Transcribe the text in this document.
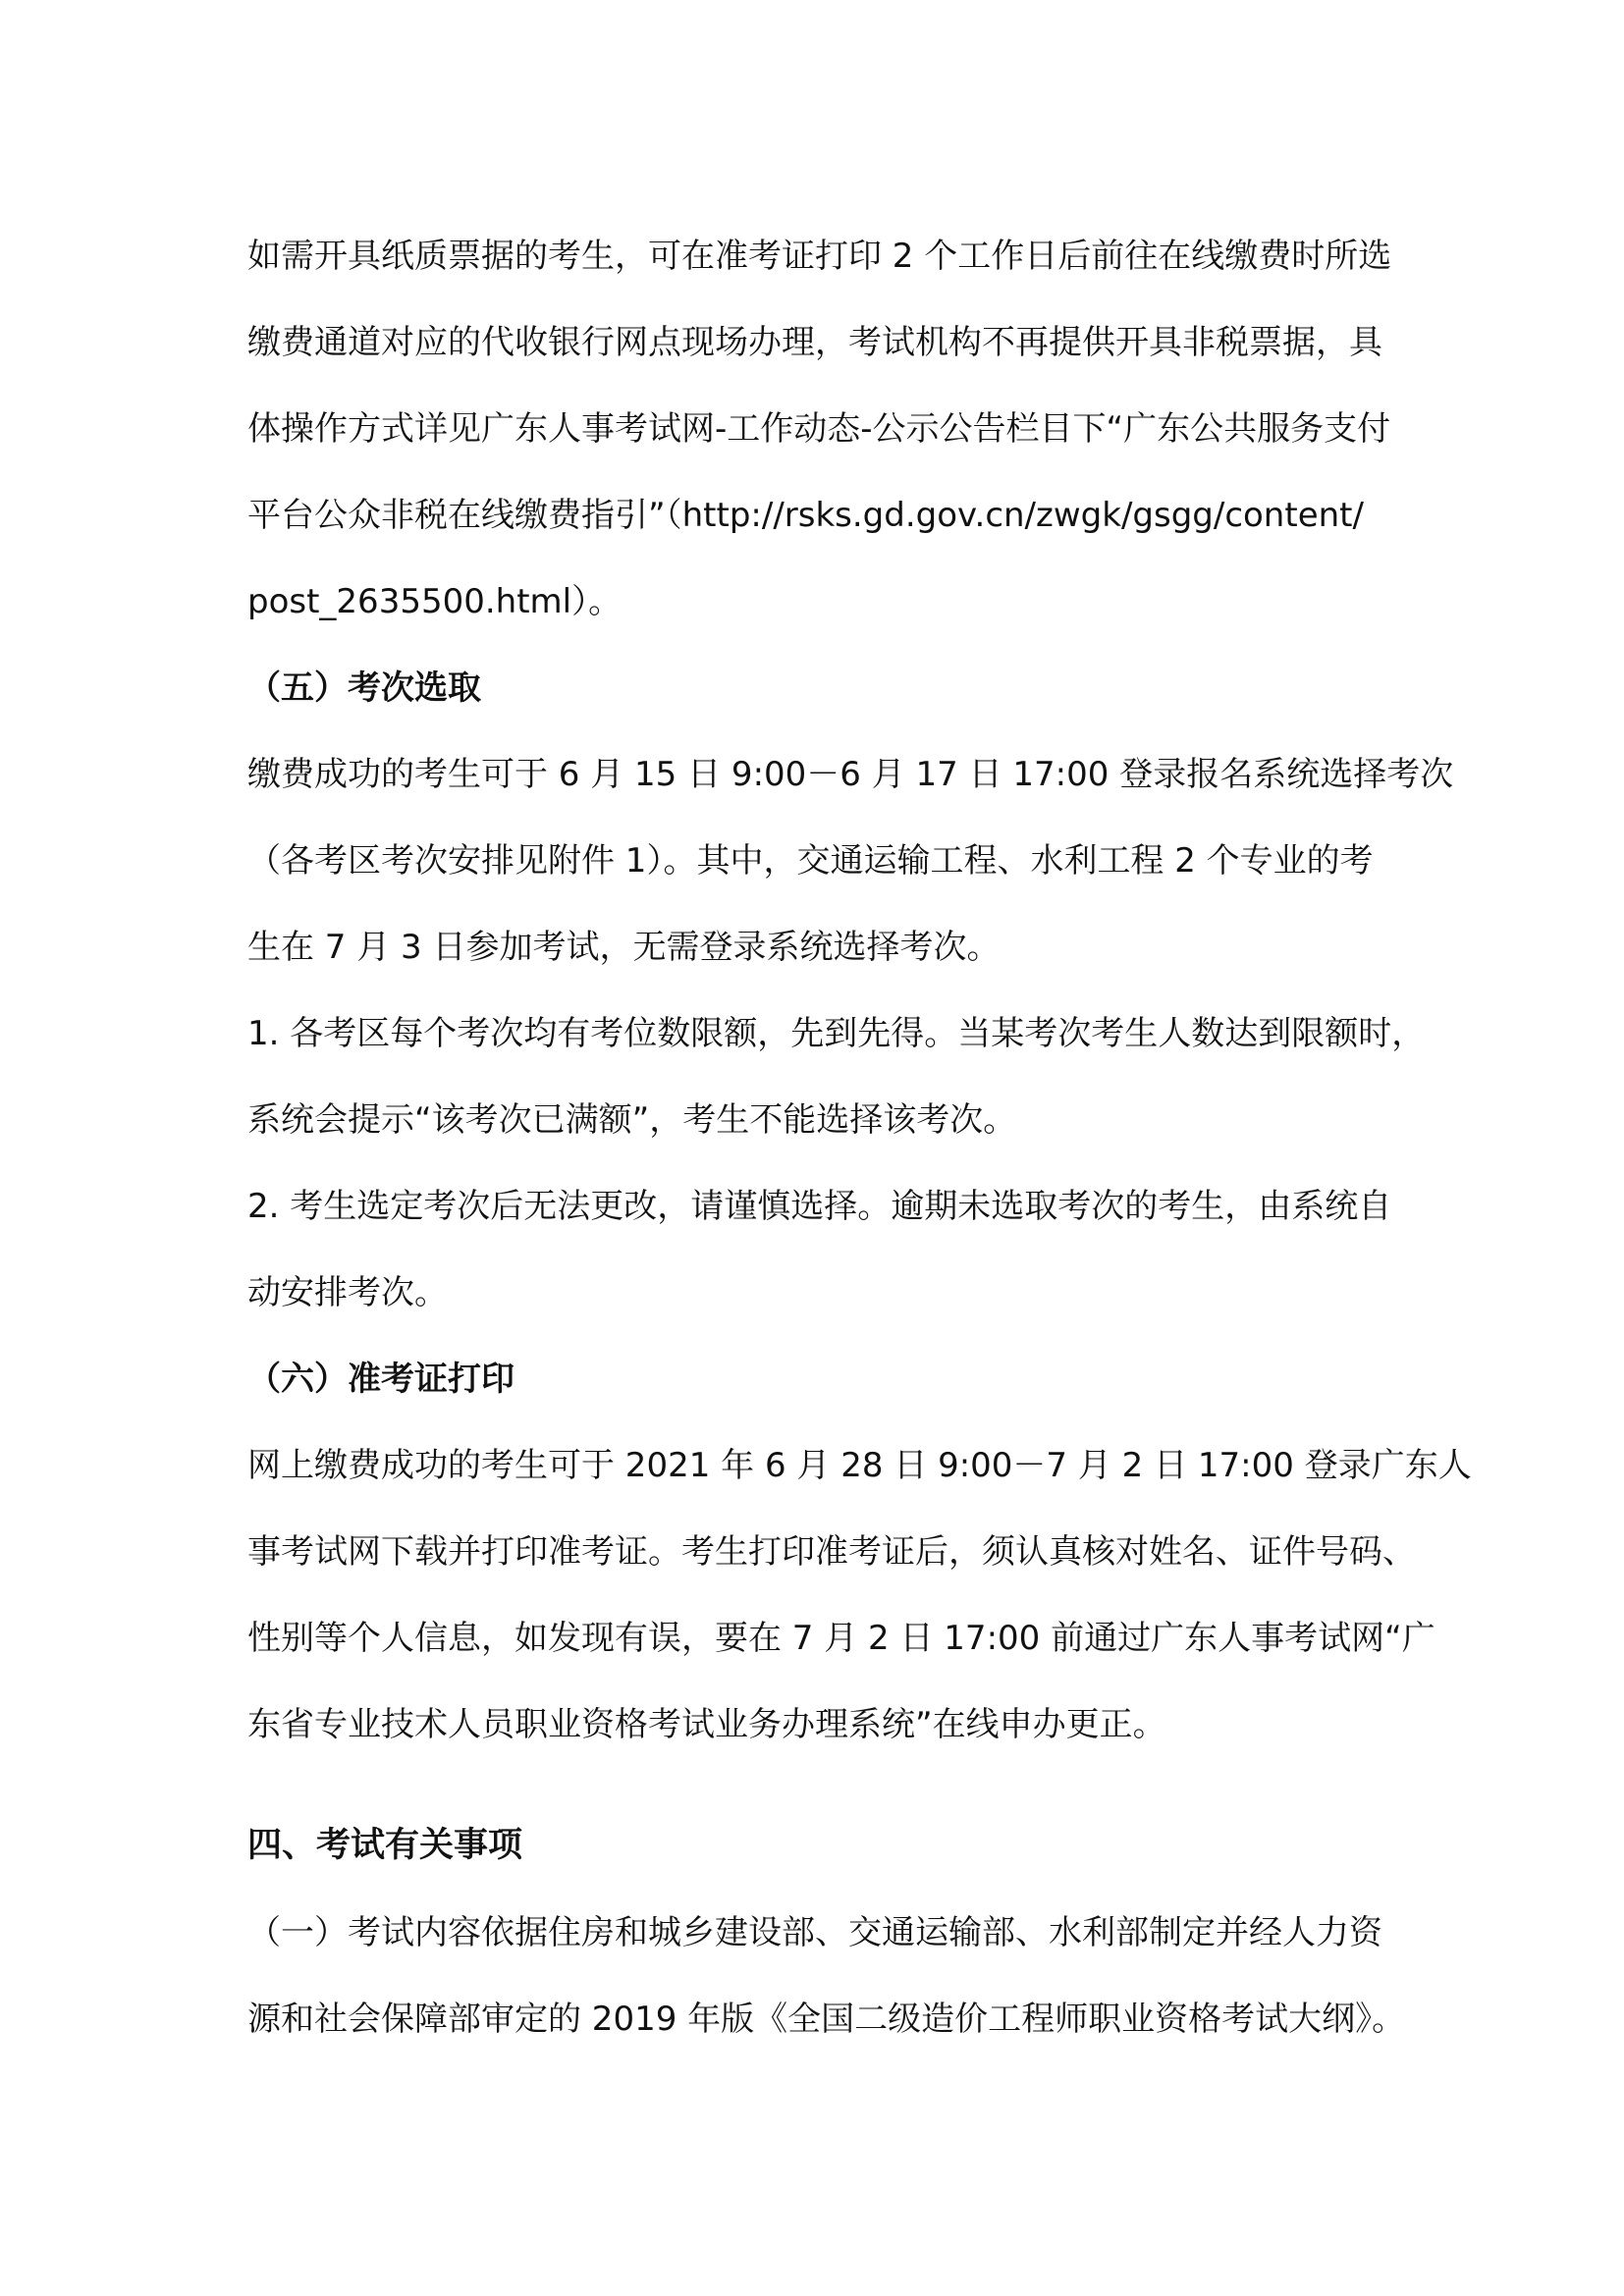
如需开具纸质票据的考生，可在准考证打印 2 个工作日后前往在线缴费时所选
缴费通道对应的代收银行网点现场办理，考试机构不再提供开具非税票据，具
体操作方式详见广东人事考试网-工作动态-公示公告栏目下“广东公共服务支付
平台公众非税在线缴费指引”（http://rsks.gd.gov.cn/zwgk/gsgg/content/
post_2635500.html）。
（五）考次选取
缴费成功的考生可于 6 月 15 日 9:00－6 月 17 日 17:00 登录报名系统选择考次
（各考区考次安排见附件 1）。其中，交通运输工程、水利工程 2 个专业的考
生在 7 月 3 日参加考试，无需登录系统选择考次。
1. 各考区每个考次均有考位数限额，先到先得。当某考次考生人数达到限额时，
系统会提示“该考次已满额”，考生不能选择该考次。
2. 考生选定考次后无法更改，请谨慎选择。逾期未选取考次的考生，由系统自
动安排考次。
（六）准考证打印
网上缴费成功的考生可于 2021 年 6 月 28 日 9:00－7 月 2 日 17:00 登录广东人
事考试网下载并打印准考证。考生打印准考证后，须认真核对姓名、证件号码、
性别等个人信息，如发现有误，要在 7 月 2 日 17:00 前通过广东人事考试网“广
东省专业技术人员职业资格考试业务办理系统”在线申办更正。
四、考试有关事项
（一）考试内容依据住房和城乡建设部、交通运输部、水利部制定并经人力资
源和社会保障部审定的 2019 年版《全国二级造价工程师职业资格考试大纲》。
